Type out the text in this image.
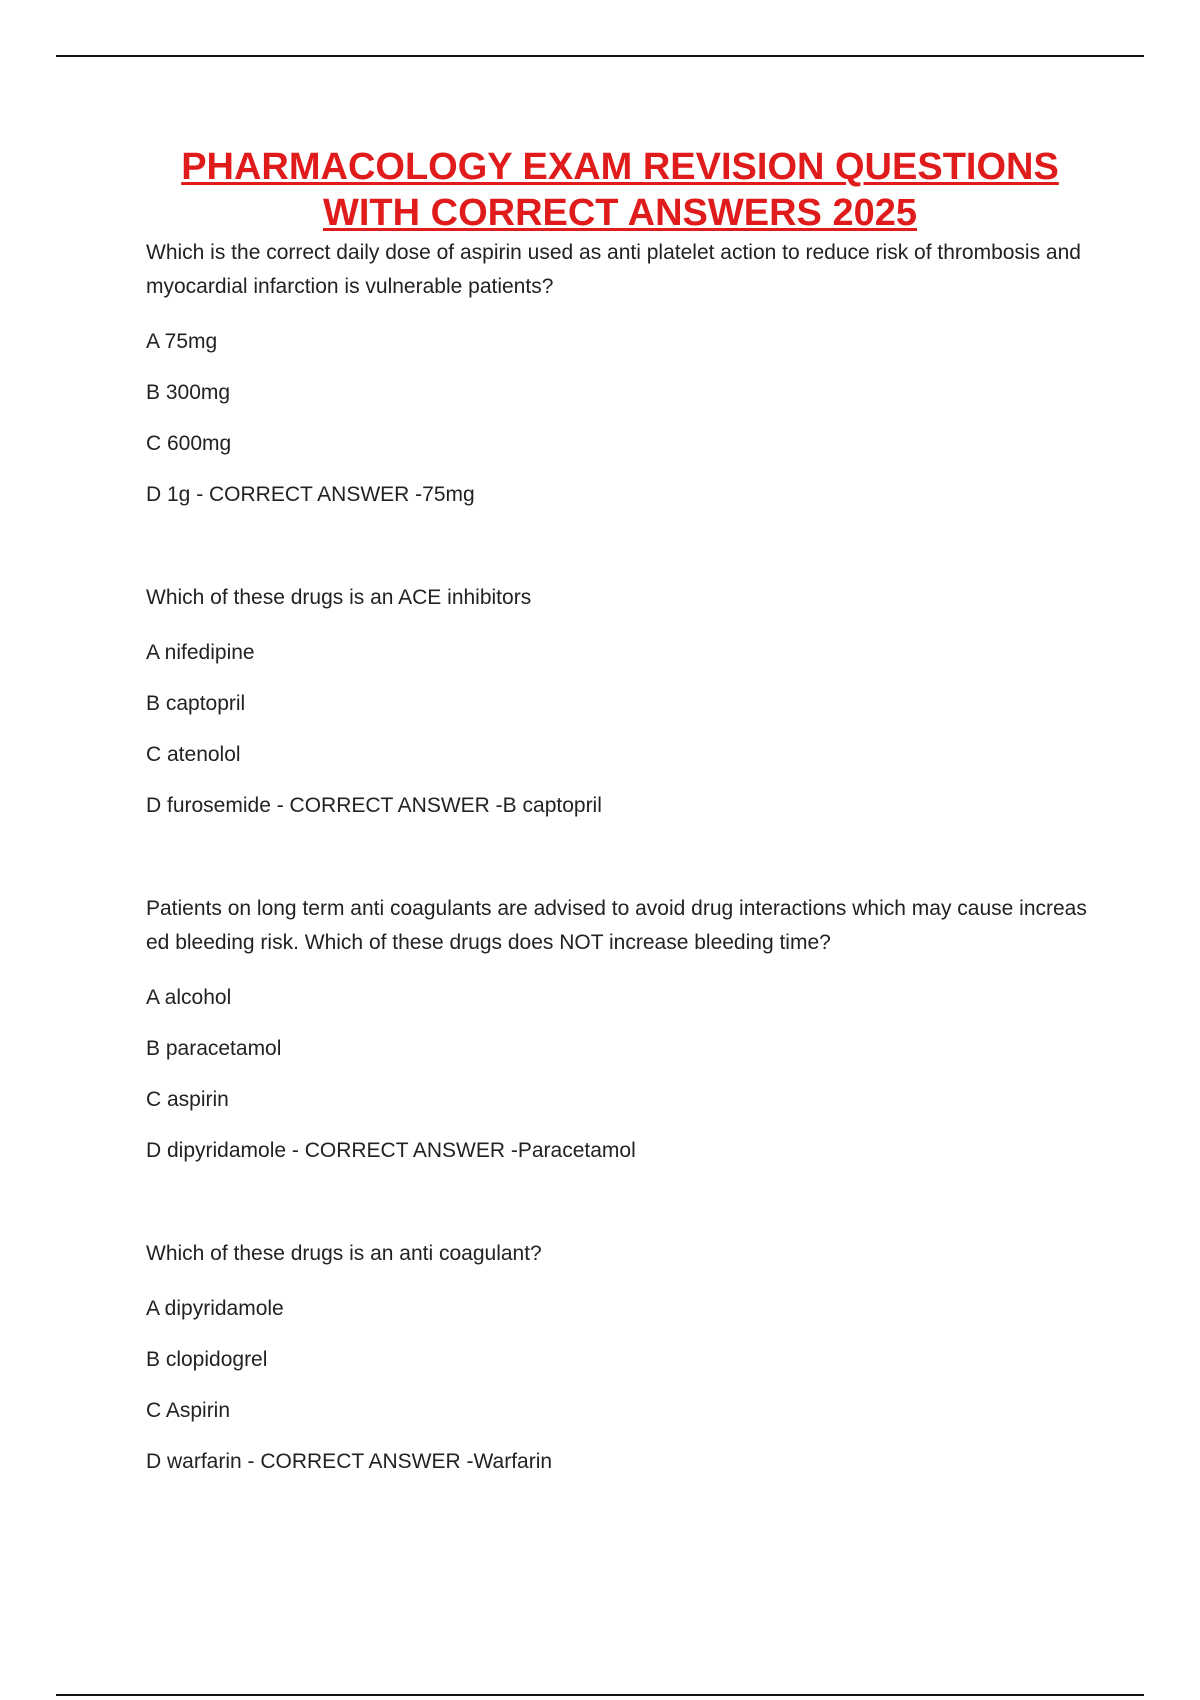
PHARMACOLOGY EXAM REVISION QUESTIONS
WITH CORRECT ANSWERS 2025

Which is the correct daily dose of aspirin used as anti platelet action to reduce risk of thrombosis and myocardial infarction is vulnerable patients?

A 75mg

B 300mg

C 600mg

D 1g - CORRECT ANSWER -75mg

Which of these drugs is an ACE inhibitors

A nifedipine

B captopril

C atenolol

D furosemide - CORRECT ANSWER -B captopril

Patients on long term anti coagulants are advised to avoid drug interactions which may cause increased bleeding risk. Which of these drugs does NOT increase bleeding time?

A alcohol

B paracetamol

C aspirin

D dipyridamole - CORRECT ANSWER -Paracetamol

Which of these drugs is an anti coagulant?

A dipyridamole

B clopidogrel

C Aspirin

D warfarin - CORRECT ANSWER -Warfarin
